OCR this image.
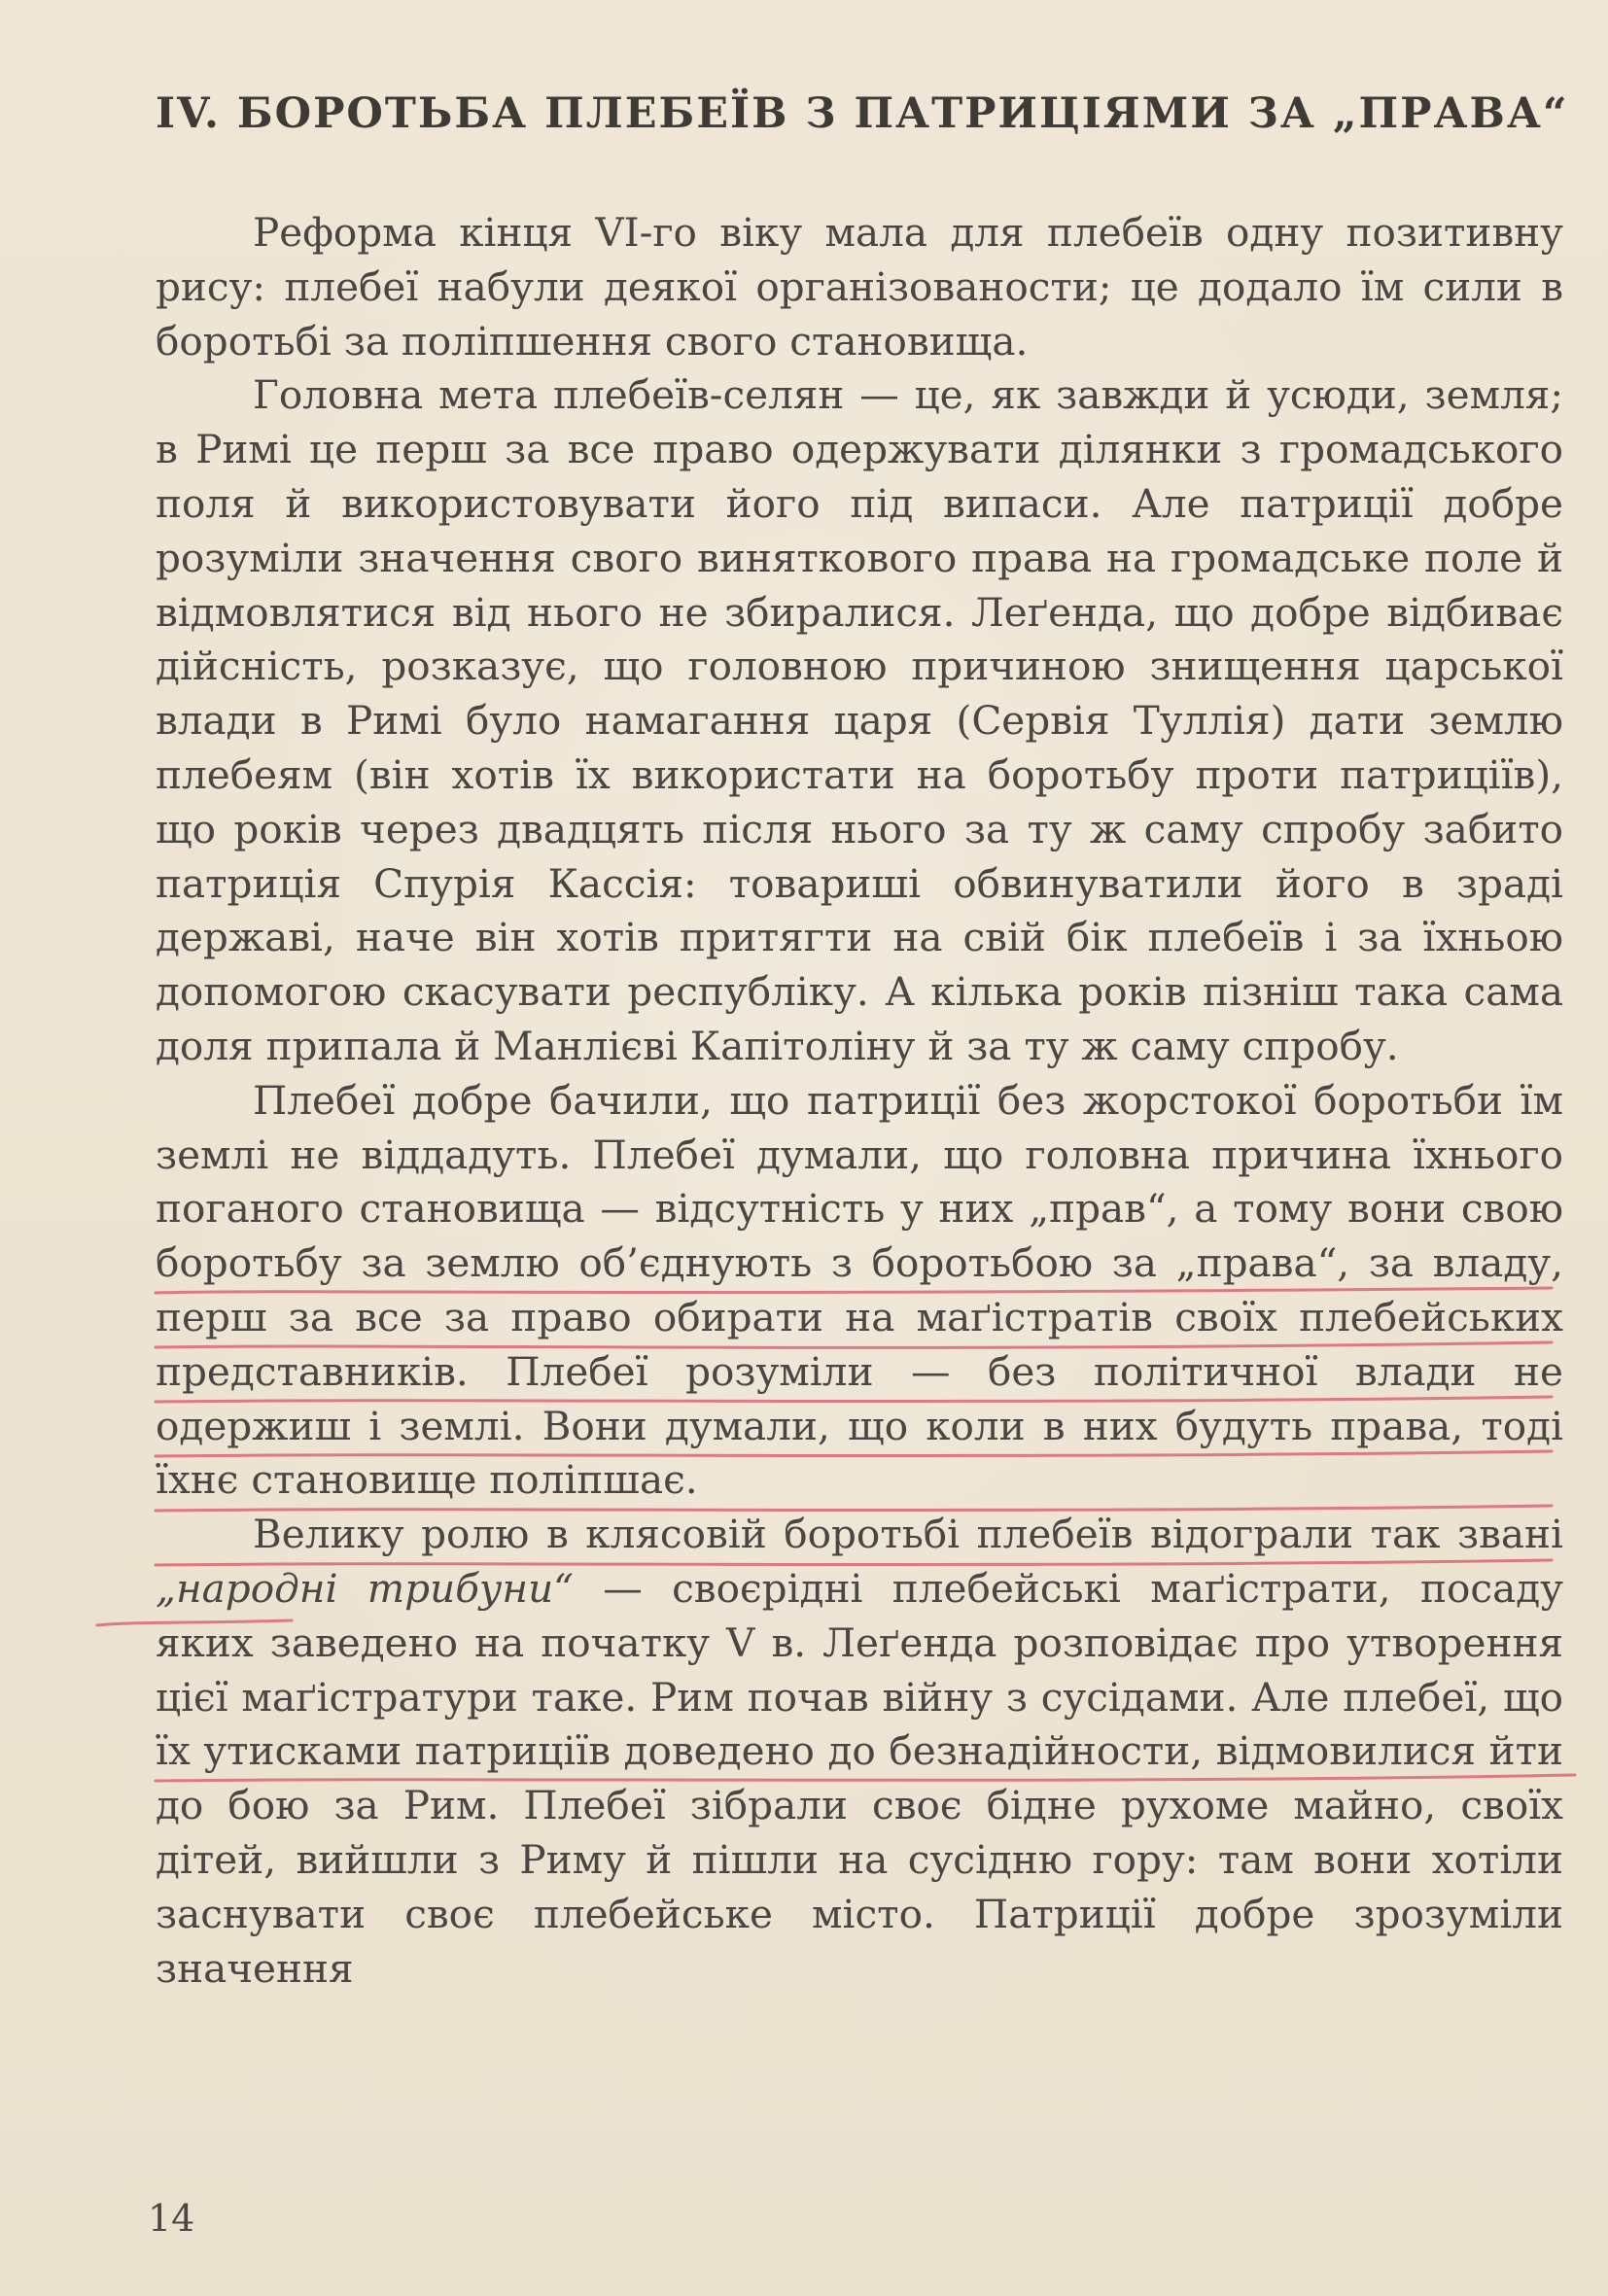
IV. БОРОТЬБА ПЛЕБЕЇВ З ПАТРИЦІЯМИ ЗА „ПРАВА“

Реформа кінця VI-го віку мала для плебеїв одну позитивну рису: плебеї набули деякої організованости; це додало їм сили в боротьбі за поліпшення свого становища.

Головна мета плебеїв-селян — це, як завжди й усюди, земля; в Римі це перш за все право одержувати ділянки з громадського поля й використовувати його під випаси. Але патриції добре розуміли значення свого виняткового права на громадське поле й відмовлятися від нього не збиралися. Леґенда, що добре відбиває дійсність, розказує, що головною причиною знищення царської влади в Римі було намагання царя (Сервія Туллія) дати землю плебеям (він хотів їх використати на боротьбу проти патриціїв), що років через двадцять після нього за ту ж саму спробу забито патриція Спурія Кассія: товариші обвинуватили його в зраді державі, наче він хотів притягти на свій бік плебеїв і за їхньою допомогою скасувати республіку. А кілька років пізніш така сама доля припала й Манлієві Капітоліну й за ту ж саму спробу.

Плебеї добре бачили, що патриції без жорстокої боротьби їм землі не віддадуть. Плебеї думали, що головна причина їхнього поганого становища — відсутність у них „прав“, а тому вони свою боротьбу за землю об’єднують з боротьбою за „права“, за владу, перш за все за право обирати на маґістратів своїх плебейських представників. Плебеї розуміли — без політичної влади не одержиш і землі. Вони думали, що коли в них будуть права, тоді їхнє становище поліпшає.

Велику ролю в клясовій боротьбі плебеїв відограли так звані „народні трибуни“ — своєрідні плебейські маґістрати, посаду яких заведено на початку V в. Леґенда розповідає про утворення цієї маґістратури таке. Рим почав війну з сусідами. Але плебеї, що їх утисками патриціїв доведено до безнадійности, відмовилися йти до бою за Рим. Плебеї зібрали своє бідне рухоме майно, своїх дітей, вийшли з Риму й пішли на сусідню гору: там вони хотіли заснувати своє плебейське місто. Патриції добре зрозуміли значення

14
